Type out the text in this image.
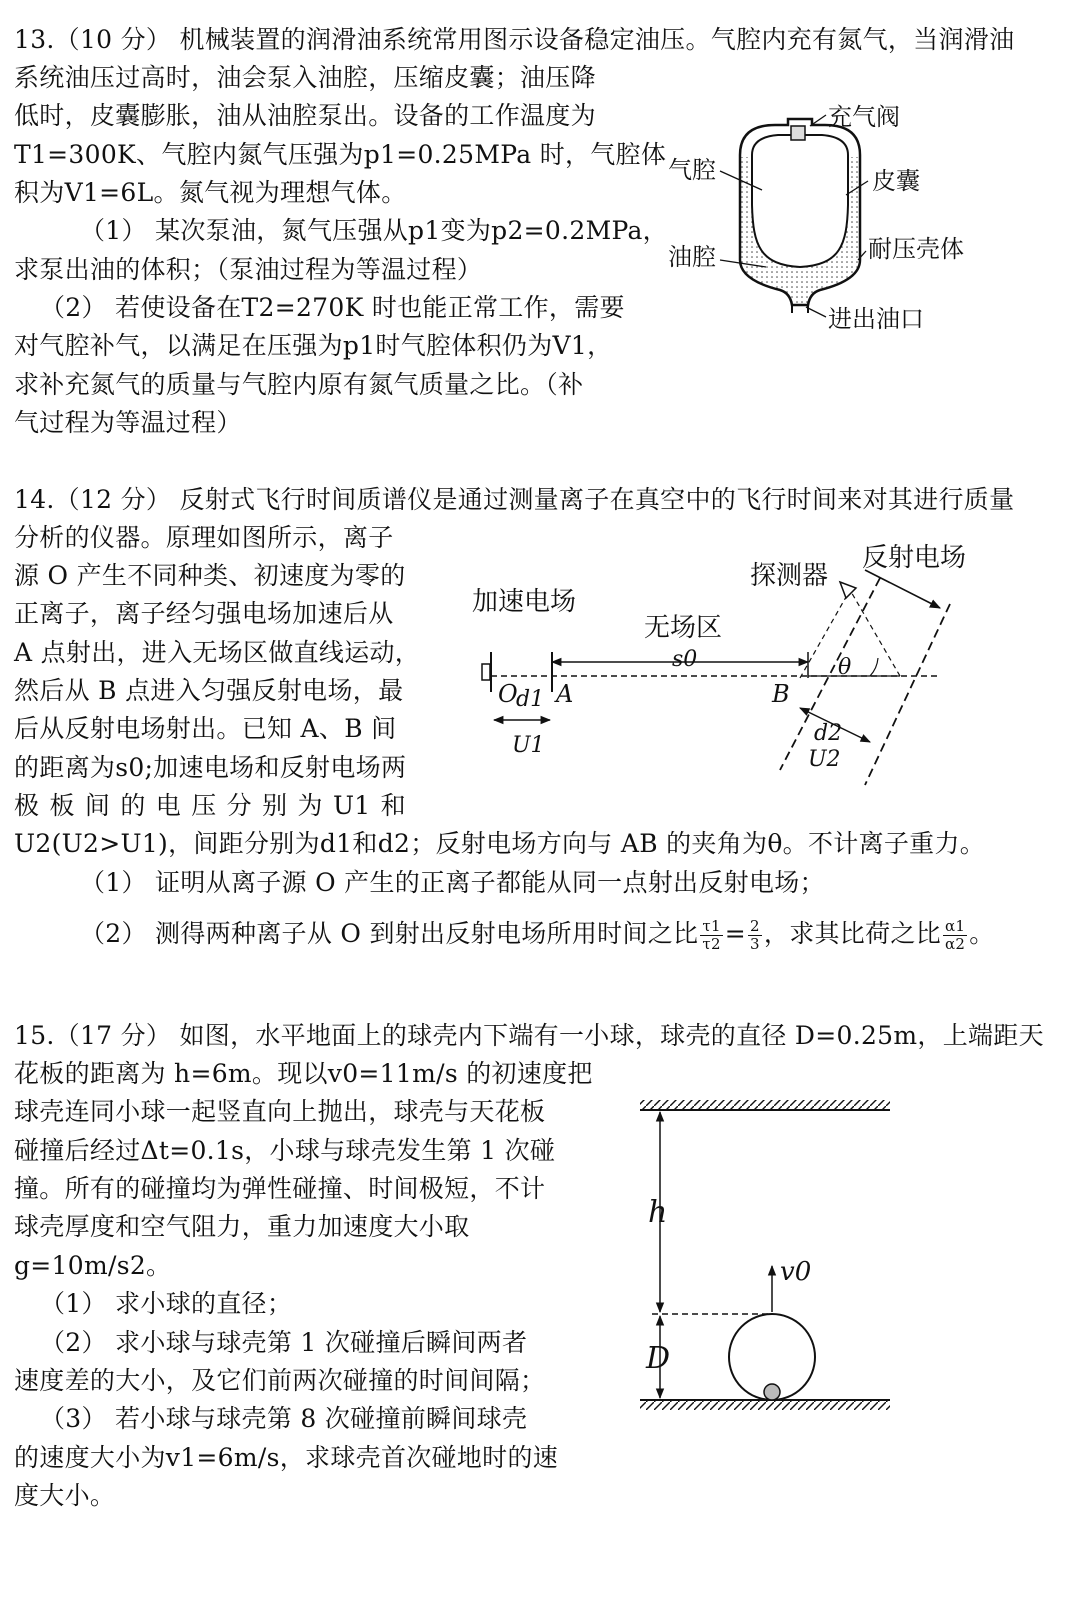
13.（10 分） 机械装置的润滑油系统常用图示设备稳定油压。气腔内充有氮气，当润滑油
系统油压过高时，油会泵入油腔，压缩皮囊；油压降
低时，皮囊膨胀，油从油腔泵出。设备的工作温度为
T1=300K、气腔内氮气压强为p1=0.25MPa 时，气腔体
积为V1=6L。氮气视为理想气体。
（1） 某次泵油，氮气压强从p1变为p2=0.2MPa，
求泵出油的体积；（泵油过程为等温过程）
（2） 若使设备在T2=270K 时也能正常工作，需要
对气腔补气，以满足在压强为p1时气腔体积仍为V1，
求补充氮气的质量与气腔内原有氮气质量之比。（补
气过程为等温过程）
充气阀
气腔	皮囊
油腔	耐压壳体
进出油口
14.（12 分） 反射式飞行时间质谱仪是通过测量离子在真空中的飞行时间来对其进行质量
分析的仪器。原理如图所示，离子
源 O 产生不同种类、初速度为零的
正离子，离子经匀强电场加速后从
A 点射出，进入无场区做直线运动，
然后从 B 点进入匀强反射电场，最
后从反射电场射出。已知 A、B 间
的距离为s0;加速电场和反射电场两
极 板 间 的 电 压 分 别 为 U1 和
U2(U2>U1)，间距分别为d1和d2；反射电场方向与 AB 的夹角为θ。不计离子重力。
（1） 证明从离子源 O 产生的正离子都能从同一点射出反射电场；
（2） 测得两种离子从 O 到射出反射电场所用时间之比 $\frac{\tau 1}{\tau 2} = \frac{2}{3}$ ，求其比荷之比 $\frac{\alpha 1}{\alpha 2}$ 。
加速电场
无场区
探测器
反射电场
s0	θ
O
d1 A	B
U1	d2
U2
15.（17 分） 如图，水平地面上的球壳内下端有一小球，球壳的直径 D=0.25m，上端距天
花板的距离为 h=6m。现以v0=11m/s 的初速度把
球壳连同小球一起竖直向上抛出，球壳与天花板
碰撞后经过Δt=0.1s，小球与球壳发生第 1 次碰
撞。所有的碰撞均为弹性碰撞、时间极短，不计
球壳厚度和空气阻力，重力加速度大小取
g=10m/s2。
（1） 求小球的直径；
（2） 求小球与球壳第 1 次碰撞后瞬间两者
速度差的大小，及它们前两次碰撞的时间间隔；
（3） 若小球与球壳第 8 次碰撞前瞬间球壳
的速度大小为v1=6m/s，求球壳首次碰地时的速
度大小。
h
v0
D
